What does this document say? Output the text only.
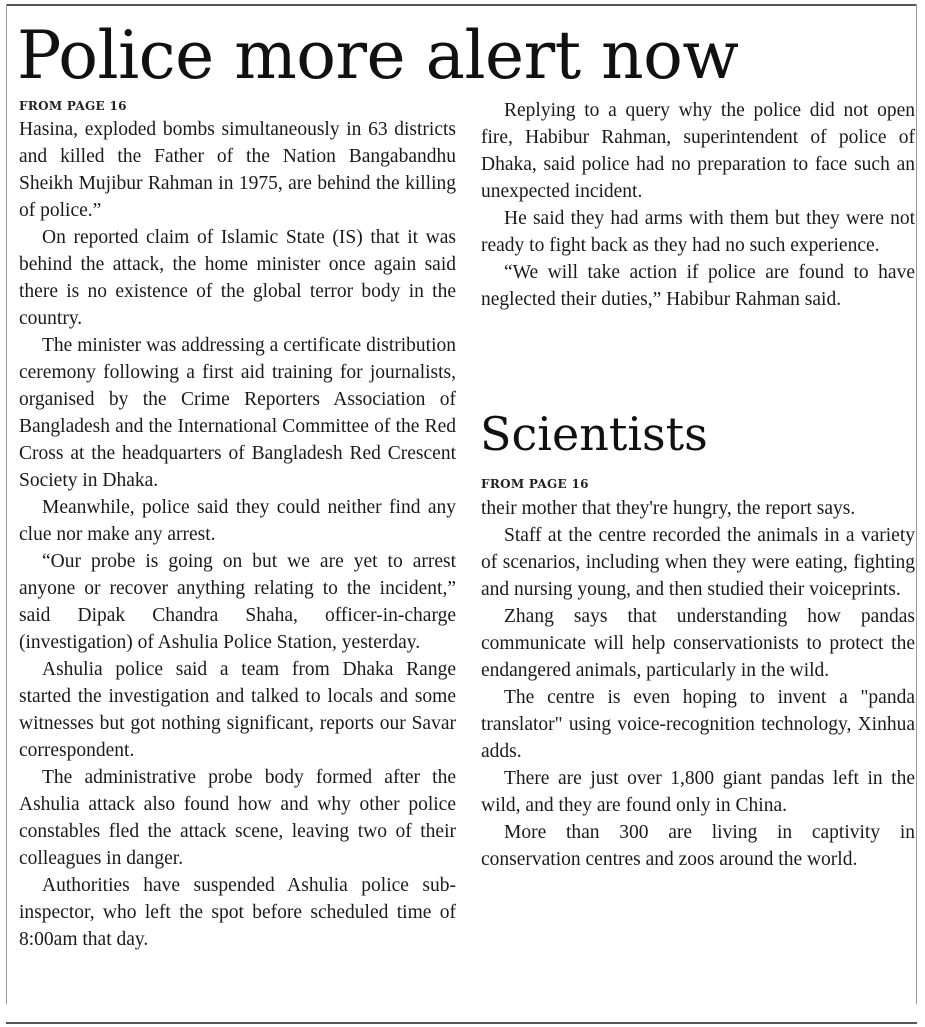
Police more alert now
FROM PAGE 16

Hasina, exploded bombs simultaneously in 63 districts and killed the Father of the Nation Bangabandhu Sheikh Mujibur Rahman in 1975, are behind the killing of police.”

On reported claim of Islamic State (IS) that it was behind the attack, the home minister once again said there is no existence of the global terror body in the country.

The minister was addressing a certificate distribution ceremony following a first aid training for journalists, organised by the Crime Reporters Association of Bangladesh and the International Committee of the Red Cross at the headquarters of Bangladesh Red Crescent Society in Dhaka.

Meanwhile, police said they could neither find any clue nor make any arrest.

“Our probe is going on but we are yet to arrest anyone or recover anything relating to the incident,” said Dipak Chandra Shaha, officer-in-charge (investigation) of Ashulia Police Station, yesterday.

Ashulia police said a team from Dhaka Range started the investigation and talked to locals and some witnesses but got nothing significant, reports our Savar correspondent.

The administrative probe body formed after the Ashulia attack also found how and why other police constables fled the attack scene, leaving two of their colleagues in danger.

Authorities have suspended Ashulia police sub-inspector, who left the spot before scheduled time of 8:00am that day.

Replying to a query why the police did not open fire, Habibur Rahman, superintendent of police of Dhaka, said police had no preparation to face such an unexpected incident.

He said they had arms with them but they were not ready to fight back as they had no such experience.

“We will take action if police are found to have neglected their duties,” Habibur Rahman said.

Scientists
FROM PAGE 16

their mother that they're hungry, the report says.

Staff at the centre recorded the animals in a variety of scenarios, including when they were eating, fighting and nursing young, and then studied their voiceprints.

Zhang says that understanding how pandas communicate will help conservationists to protect the endangered animals, particularly in the wild.

The centre is even hoping to invent a "panda translator" using voice-recognition technology, Xinhua adds.

There are just over 1,800 giant pandas left in the wild, and they are found only in China.

More than 300 are living in captivity in conservation centres and zoos around the world.
